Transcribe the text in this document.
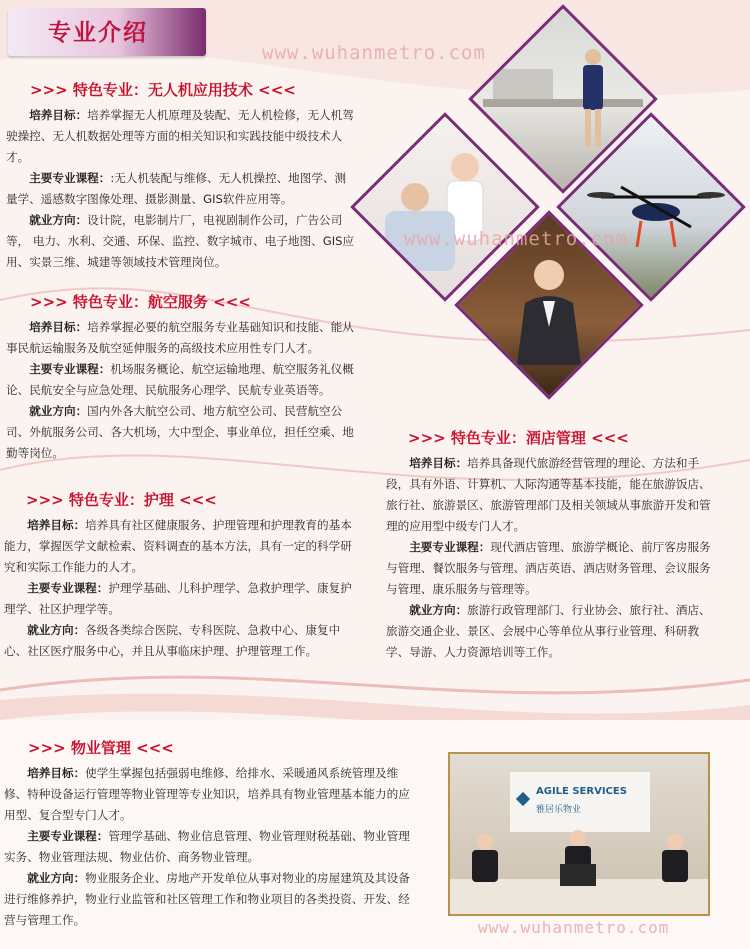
专业介绍
www.wuhanmetro.com
www.wuhanmetro.com
www.wuhanmetro.com
>>> 特色专业：无人机应用技术 <<<

培养目标：培养掌握无人机原理及装配、无人机检修，无人机驾驶操控、无人机数据处理等方面的相关知识和实践技能中级技术人才。

主要专业课程：:无人机装配与维修、无人机操控、地图学、测量学、遥感数字图像处理、摄影测量、GIS软件应用等。

就业方向：设计院，电影制片厂，电视剧制作公司，广告公司等， 电力、水利、交通、环保、监控、数字城市、电子地图、GIS应用、实景三维、城建等领域技术管理岗位。

>>> 特色专业：航空服务 <<<

培养目标：培养掌握必要的航空服务专业基础知识和技能、能从事民航运输服务及航空延伸服务的高级技术应用性专门人才。

主要专业课程：机场服务概论、航空运输地理、航空服务礼仪概论、民航安全与应急处理、民航服务心理学、民航专业英语等。

就业方向：国内外各大航空公司、地方航空公司、民营航空公司、外航服务公司、各大机场，大中型企、事业单位，担任空乘、地勤等岗位。

>>> 特色专业：护理 <<<

培养目标：培养具有社区健康服务、护理管理和护理教育的基本能力，掌握医学文献检索、资料调查的基本方法，具有一定的科学研究和实际工作能力的人才。

主要专业课程：护理学基础、儿科护理学、急救护理学、康复护理学、社区护理学等。

就业方向：各级各类综合医院、专科医院、急救中心、康复中心、社区医疗服务中心，并且从事临床护理、护理管理工作。

>>> 特色专业：酒店管理 <<<

培养目标：培养具备现代旅游经营管理的理论、方法和手段，具有外语、计算机、人际沟通等基本技能，能在旅游饭店、旅行社、旅游景区、旅游管理部门及相关领域从事旅游开发和管理的应用型中级专门人才。

主要专业课程：现代酒店管理、旅游学概论、前厅客房服务与管理、餐饮服务与管理、酒店英语、酒店财务管理、会议服务与管理、康乐服务与管理等。

就业方向：旅游行政管理部门、行业协会、旅行社、酒店、旅游交通企业、景区、会展中心等单位从事行业管理、科研教学、导游、人力资源培训等工作。

>>> 物业管理 <<<

培养目标：使学生掌握包括强弱电维修、给排水、采暖通风系统管理及维修、特种设备运行管理等物业管理等专业知识，培养具有物业管理基本能力的应用型、复合型专门人才。

主要专业课程：管理学基础、物业信息管理、物业管理财税基础、物业管理实务、物业管理法规、物业估价、商务物业管理。

就业方向：物业服务企业、房地产开发单位从事对物业的房屋建筑及其设备进行维修养护，物业行业监管和社区管理工作和物业项目的各类投资、开发、经营与管理工作。

AGILE SERVICES
雅居乐物业
